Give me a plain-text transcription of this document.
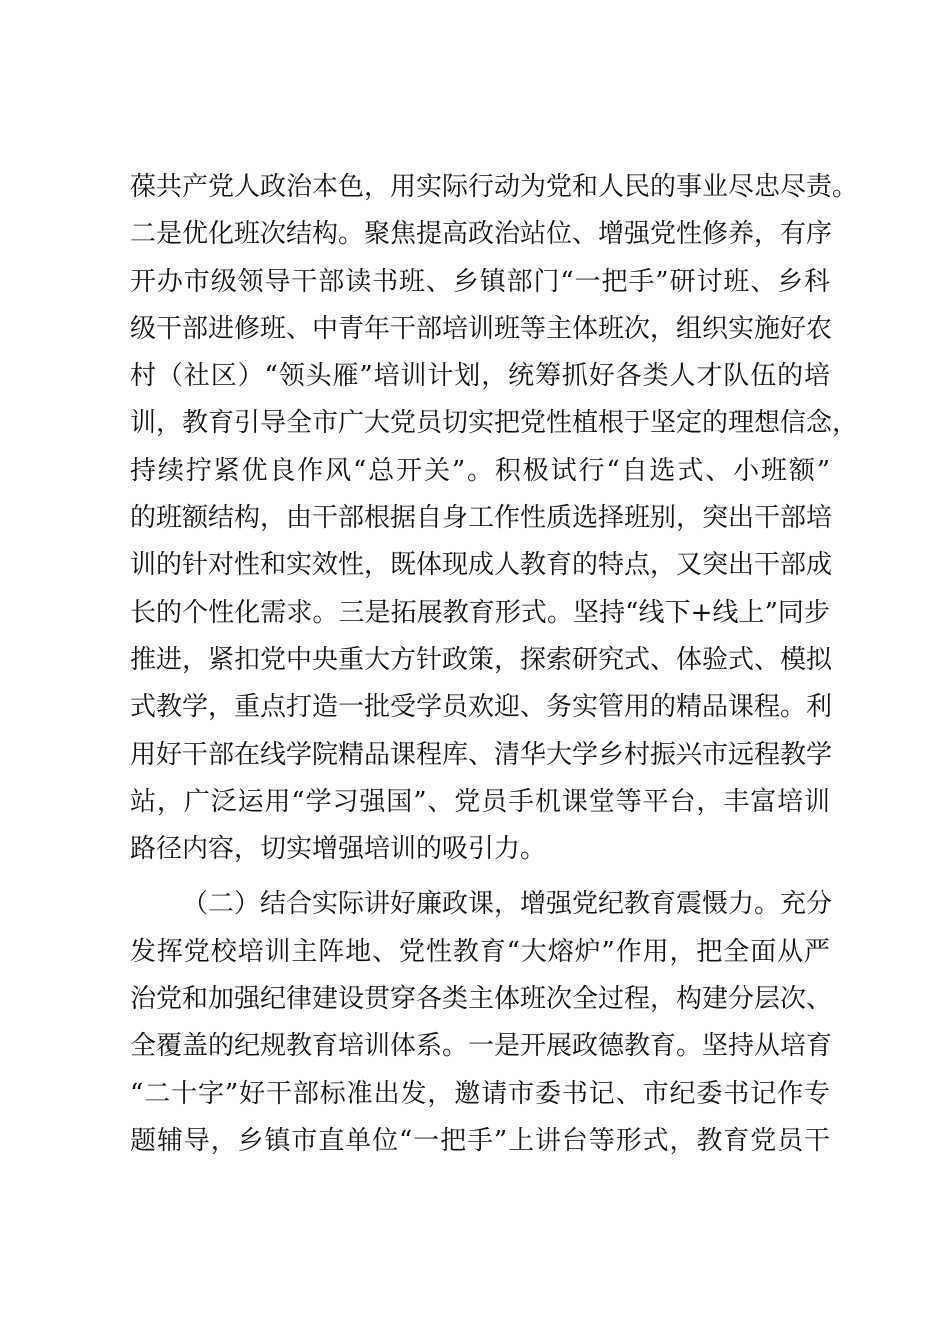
葆共产党人政治本色，用实际行动为党和人民的事业尽忠尽责。
二是优化班次结构。聚焦提高政治站位、增强党性修养，有序
开办市级领导干部读书班、乡镇部门“一把手”研讨班、乡科
级干部进修班、中青年干部培训班等主体班次，组织实施好农
村（社区）“领头雁”培训计划，统筹抓好各类人才队伍的培
训，教育引导全市广大党员切实把党性植根于坚定的理想信念，
持续拧紧优良作风“总开关”。积极试行“自选式、小班额”
的班额结构，由干部根据自身工作性质选择班别，突出干部培
训的针对性和实效性，既体现成人教育的特点，又突出干部成
长的个性化需求。三是拓展教育形式。坚持“线下+线上”同步
推进，紧扣党中央重大方针政策，探索研究式、体验式、模拟
式教学，重点打造一批受学员欢迎、务实管用的精品课程。利
用好干部在线学院精品课程库、清华大学乡村振兴市远程教学
站，广泛运用“学习强国”、党员手机课堂等平台，丰富培训
路径内容，切实增强培训的吸引力。
（二）结合实际讲好廉政课，增强党纪教育震慑力。充分
发挥党校培训主阵地、党性教育“大熔炉”作用，把全面从严
治党和加强纪律建设贯穿各类主体班次全过程，构建分层次、
全覆盖的纪规教育培训体系。一是开展政德教育。坚持从培育
“二十字”好干部标准出发，邀请市委书记、市纪委书记作专
题辅导，乡镇市直单位“一把手”上讲台等形式，教育党员干
